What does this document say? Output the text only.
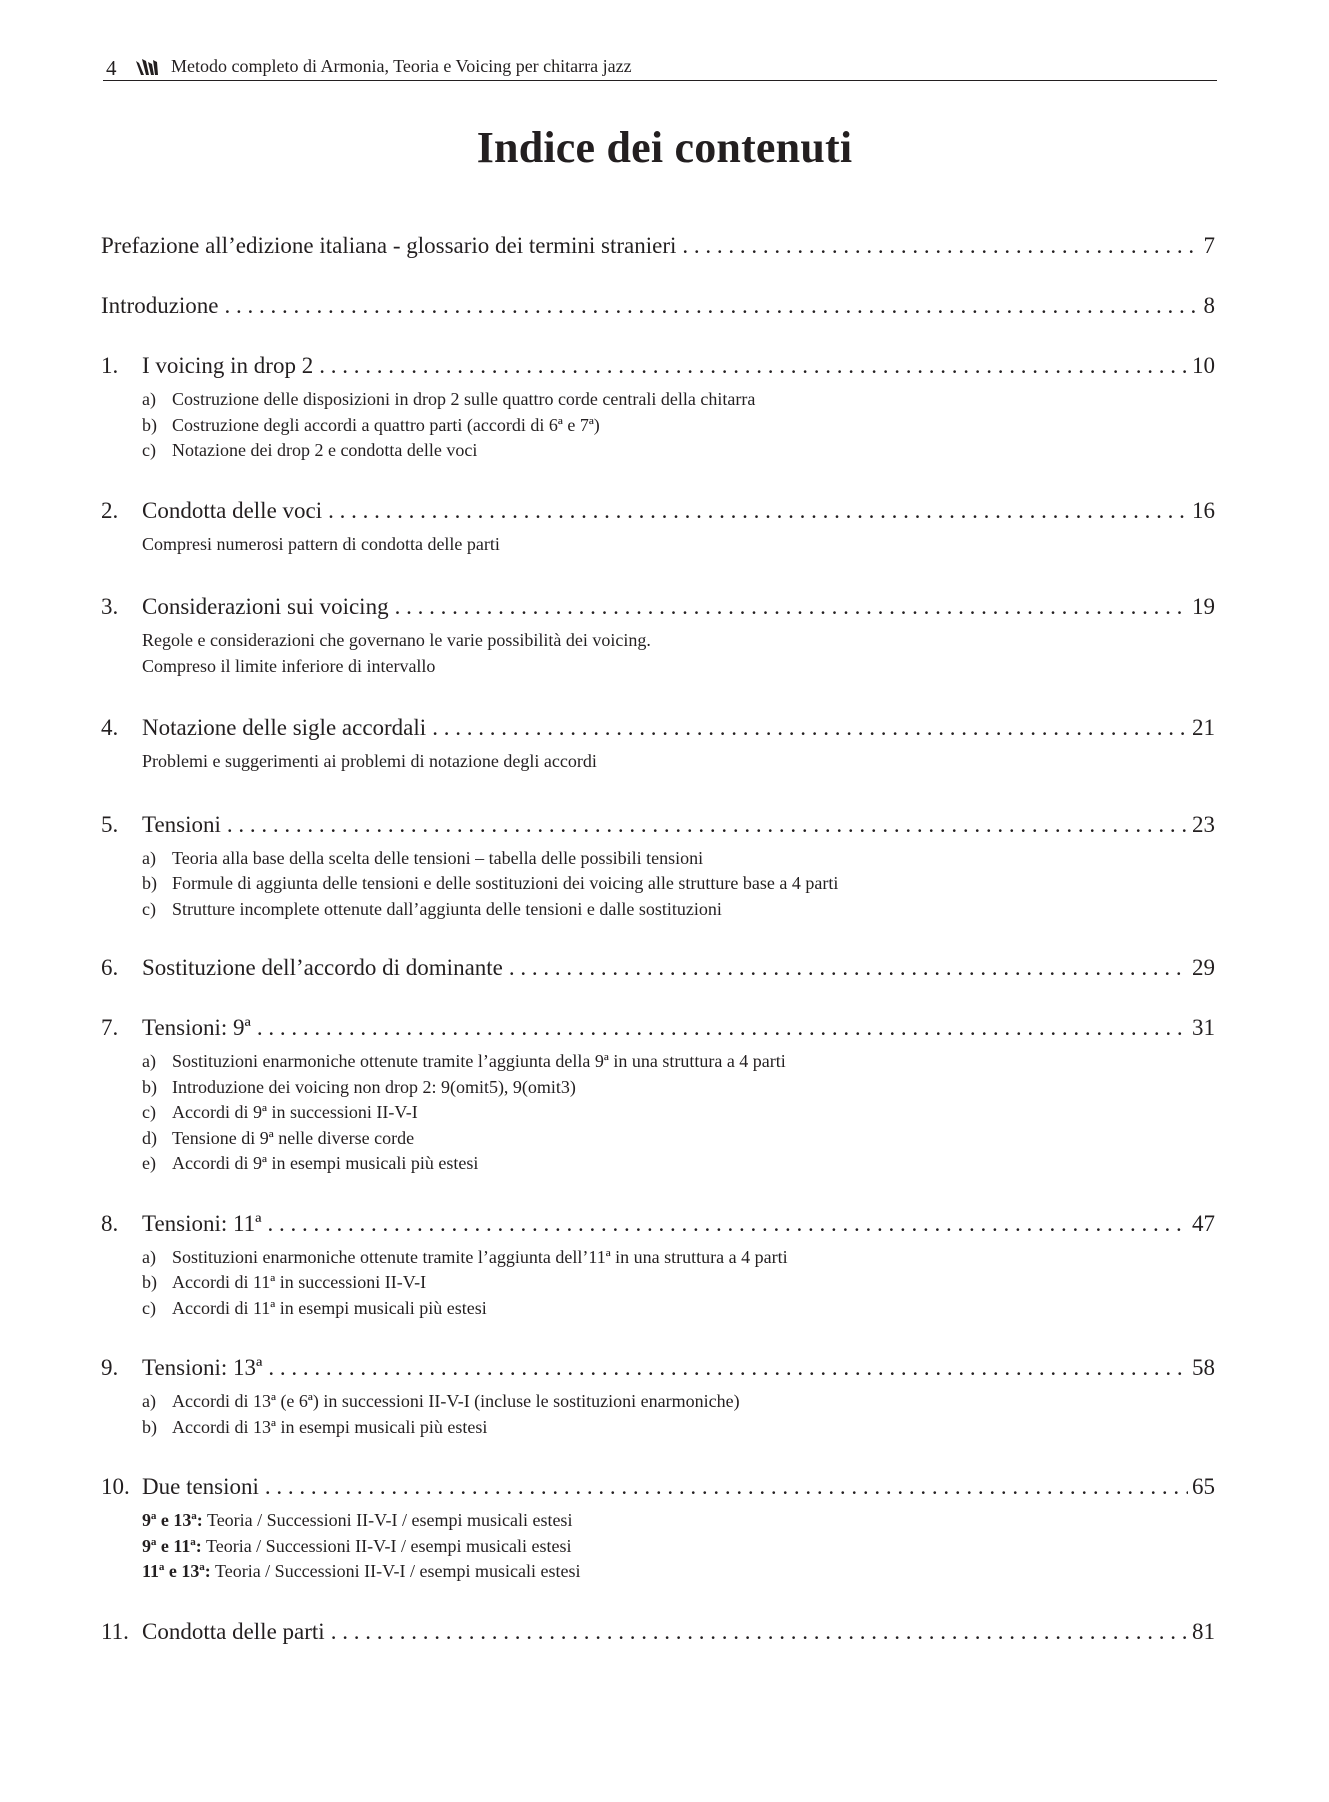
4	Metodo completo di Armonia, Teoria e Voicing per chitarra jazz
Indice dei contenuti
Prefazione all’edizione italiana - glossario dei termini stranieri . . .	7
Introduzione . . .	8
1.	I voicing in drop 2 . . .	10
a) Costruzione delle disposizioni in drop 2 sulle quattro corde centrali della chitarra
b) Costruzione degli accordi a quattro parti (accordi di 6ª e 7ª)
c) Notazione dei drop 2 e condotta delle voci
2.	Condotta delle voci . . .	16
Compresi numerosi pattern di condotta delle parti
3.	Considerazioni sui voicing . . .	19
Regole e considerazioni che governano le varie possibilità dei voicing.
Compreso il limite inferiore di intervallo
4.	Notazione delle sigle accordali . . .	21
Problemi e suggerimenti ai problemi di notazione degli accordi
5.	Tensioni . . .	23
a) Teoria alla base della scelta delle tensioni – tabella delle possibili tensioni
b) Formule di aggiunta delle tensioni e delle sostituzioni dei voicing alle strutture base a 4 parti
c) Strutture incomplete ottenute dall’aggiunta delle tensioni e dalle sostituzioni
6.	Sostituzione dell’accordo di dominante . . .	29
7.	Tensioni: 9ª . . .	31
a) Sostituzioni enarmoniche ottenute tramite l’aggiunta della 9ª in una struttura a 4 parti
b) Introduzione dei voicing non drop 2: 9(omit5), 9(omit3)
c) Accordi di 9ª in successioni II-V-I
d) Tensione di 9ª nelle diverse corde
e) Accordi di 9ª in esempi musicali più estesi
8.	Tensioni: 11ª . . .	47
a) Sostituzioni enarmoniche ottenute tramite l’aggiunta dell’11ª in una struttura a 4 parti
b) Accordi di 11ª in successioni II-V-I
c) Accordi di 11ª in esempi musicali più estesi
9.	Tensioni: 13ª . . .	58
a) Accordi di 13ª (e 6ª) in successioni II-V-I (incluse le sostituzioni enarmoniche)
b) Accordi di 13ª in esempi musicali più estesi
10. Due tensioni . . .	65
9ª e 13ª: Teoria / Successioni II-V-I / esempi musicali estesi
9ª e 11ª: Teoria / Successioni II-V-I / esempi musicali estesi
11ª e 13ª: Teoria / Successioni II-V-I / esempi musicali estesi
11. Condotta delle parti . . .	81
